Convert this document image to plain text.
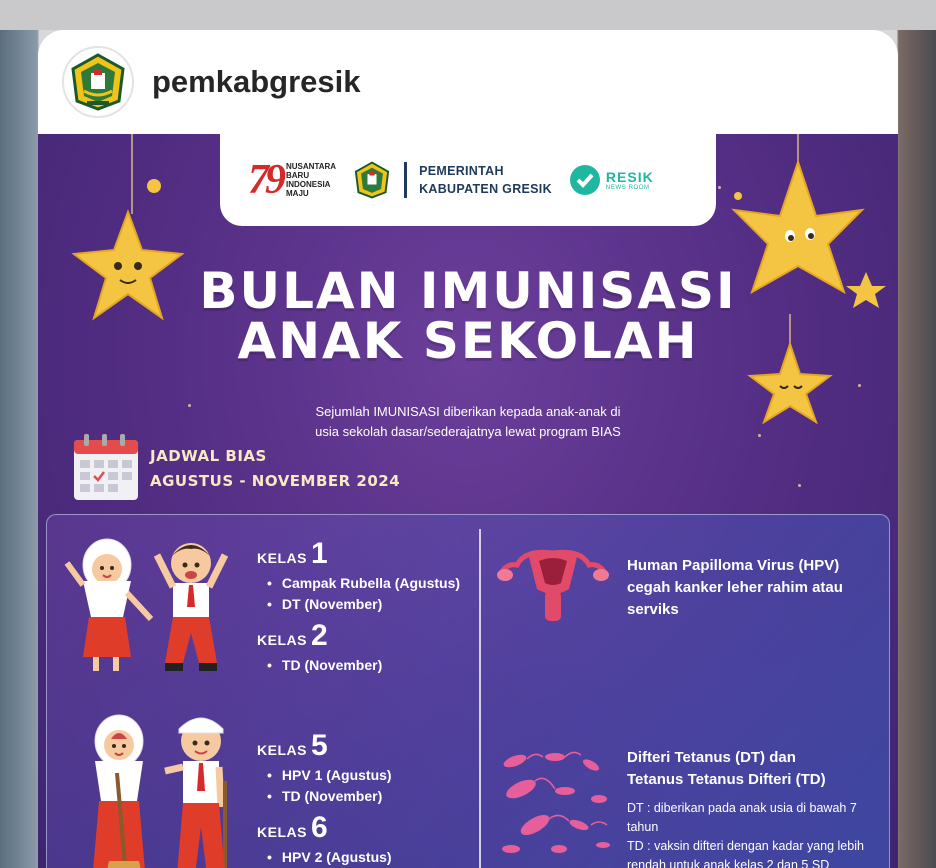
pemkabgresik
79 NUSANTARA
BARU
INDONESIA
MAJU
PEMERINTAH
KABUPATEN GRESIK
RESIK
NEWS ROOM
BULAN IMUNISASI
ANAK SEKOLAH
Sejumlah IMUNISASI diberikan kepada anak-anak di
usia sekolah dasar/sederajatnya lewat program BIAS
JADWAL BIAS
AGUSTUS - NOVEMBER 2024
KELAS 1
• Campak Rubella (Agustus)
• DT (November)
KELAS 2
• TD (November)
KELAS 5
• HPV 1 (Agustus)
• TD (November)
KELAS 6
• HPV 2 (Agustus)
Human Papilloma Virus (HPV)
cegah kanker leher rahim atau
serviks
Difteri Tetanus (DT) dan
Tetanus Tetanus Difteri (TD)
DT : diberikan pada anak usia di bawah 7
tahun
TD : vaksin difteri dengan kadar yang lebih
rendah untuk anak kelas 2 dan 5 SD
